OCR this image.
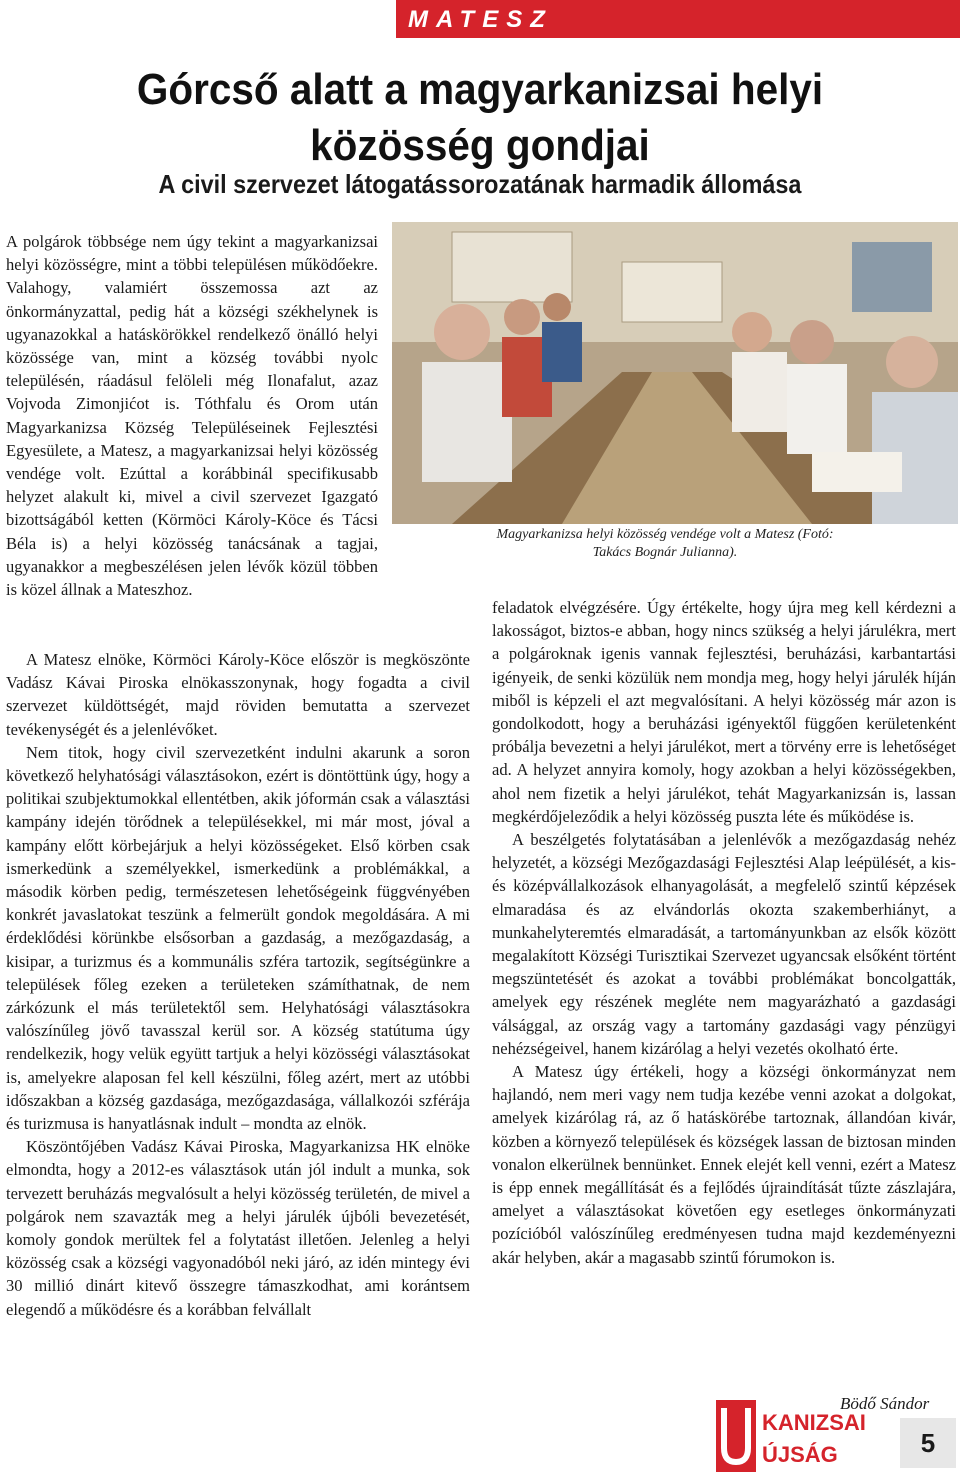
MATESZ
Górcső alatt a magyarkanizsai helyi közösség gondjai
A civil szervezet látogatássorozatának harmadik állomása

A polgárok többsége nem úgy tekint a magyarkanizsai helyi közösségre, mint a többi településen működőekre. Valahogy, valamiért összemossa azt az önkormányzattal, pedig hát a községi székhelynek is ugyanazokkal a hatáskörökkel rendelkező önálló helyi közössége van, mint a község további nyolc településén, ráadásul felöleli még Ilonafalut, azaz Vojvoda Zimonjićot is. Tóthfalu és Orom után Magyarkanizsa Község Településeinek Fejlesztési Egyesülete, a Matesz, a magyarkanizsai helyi közösség vendége volt. Ezúttal a korábbinál specifikusabb helyzet alakult ki, mivel a civil szervezet Igazgató bizottságából ketten (Körmöci Károly-Köce és Tácsi Béla is) a helyi közösség tanácsának a tagjai, ugyanakkor a megbeszélésen jelen lévők közül többen is közel állnak a Mateszhoz.

Magyarkanizsa helyi közösség vendége volt a Matesz (Fotó: Takács Bognár Julianna).

A Matesz elnöke, Körmöci Károly-Köce először is megköszönte Vadász Kávai Piroska elnökasszonynak, hogy fogadta a civil szervezet küldöttségét, majd röviden bemutatta a szervezet tevékenységét és a jelenlévőket.

Nem titok, hogy civil szervezetként indulni akarunk a soron következő helyhatósági választásokon, ezért is döntöttünk úgy, hogy a politikai szubjektumokkal ellentétben, akik jóformán csak a választási kampány idején törődnek a településekkel, mi már most, jóval a kampány előtt körbejárjuk a helyi közösségeket. Első körben csak ismerkedünk a személyekkel, ismerkedünk a problémákkal, a második körben pedig, természetesen lehetőségeink függvényében konkrét javaslatokat teszünk a felmerült gondok megoldására. A mi érdeklődési körünkbe elsősorban a gazdaság, a mezőgazdaság, a kisipar, a turizmus és a kommunális szféra tartozik, segítségünkre a települések főleg ezeken a területeken számíthatnak, de nem zárkózunk el más területektől sem. Helyhatósági választásokra valószínűleg jövő tavasszal kerül sor. A község statútuma úgy rendelkezik, hogy velük együtt tartjuk a helyi közösségi választásokat is, amelyekre alaposan fel kell készülni, főleg azért, mert az utóbbi időszakban a község gazdasága, mezőgazdasága, vállalkozói szférája és turizmusa is hanyatlásnak indult – mondta az elnök.

Köszöntőjében Vadász Kávai Piroska, Magyarkanizsa HK elnöke elmondta, hogy a 2012-es választások után jól indult a munka, sok tervezett beruházás megvalósult a helyi közösség területén, de mivel a polgárok nem szavazták meg a helyi járulék újbóli bevezetését, komoly gondok merültek fel a folytatást illetően. Jelenleg a helyi közösség csak a községi vagyonadóból neki járó, az idén mintegy évi 30 millió dinárt kitevő összegre támaszkodhat, ami korántsem elegendő a működésre és a korábban felvállalt

feladatok elvégzésére. Úgy értékelte, hogy újra meg kell kérdezni a lakosságot, biztos-e abban, hogy nincs szükség a helyi járulékra, mert a polgároknak igenis vannak fejlesztési, beruházási, karbantartási igényeik, de senki közülük nem mondja meg, hogy helyi járulék híján miből is képzeli el azt megvalósítani. A helyi közösség már azon is gondolkodott, hogy a beruházási igényektől függően kerületenként próbálja bevezetni a helyi járulékot, mert a törvény erre is lehetőséget ad. A helyzet annyira komoly, hogy azokban a helyi közösségekben, ahol nem fizetik a helyi járulékot, tehát Magyarkanizsán is, lassan megkérdőjeleződik a helyi közösség puszta léte és működése is.

A beszélgetés folytatásában a jelenlévők a mezőgazdaság nehéz helyzetét, a községi Mezőgazdasági Fejlesztési Alap leépülését, a kis- és középvállalkozások elhanyagolását, a megfelelő szintű képzések elmaradása és az elvándorlás okozta szakemberhiányt, a munkahelyteremtés elmaradását, a tartományunkban az elsők között megalakított Községi Turisztikai Szervezet ugyancsak elsőként történt megszüntetését és azokat a további problémákat boncolgatták, amelyek egy részének megléte nem magyarázható a gazdasági válsággal, az ország vagy a tartomány gazdasági vagy pénzügyi nehézségeivel, hanem kizárólag a helyi vezetés okolható érte.

A Matesz úgy értékeli, hogy a községi önkormányzat nem hajlandó, nem meri vagy nem tudja kezébe venni azokat a dolgokat, amelyek kizárólag rá, az ő hatáskörébe tartoznak, állandóan kivár, közben a környező települések és községek lassan de biztosan minden vonalon elkerülnek bennünket. Ennek elejét kell venni, ezért a Matesz is épp ennek megállítását és a fejlődés újraindítását tűzte zászlajára, amelyet a választásokat követően egy esetleges önkormányzati pozícióból valószínűleg eredményesen tudna majd kezdeményezni akár helyben, akár a magasabb szintű fórumokon is.

Bödő Sándor
KANIZSAI
ÚJSÁG	5
